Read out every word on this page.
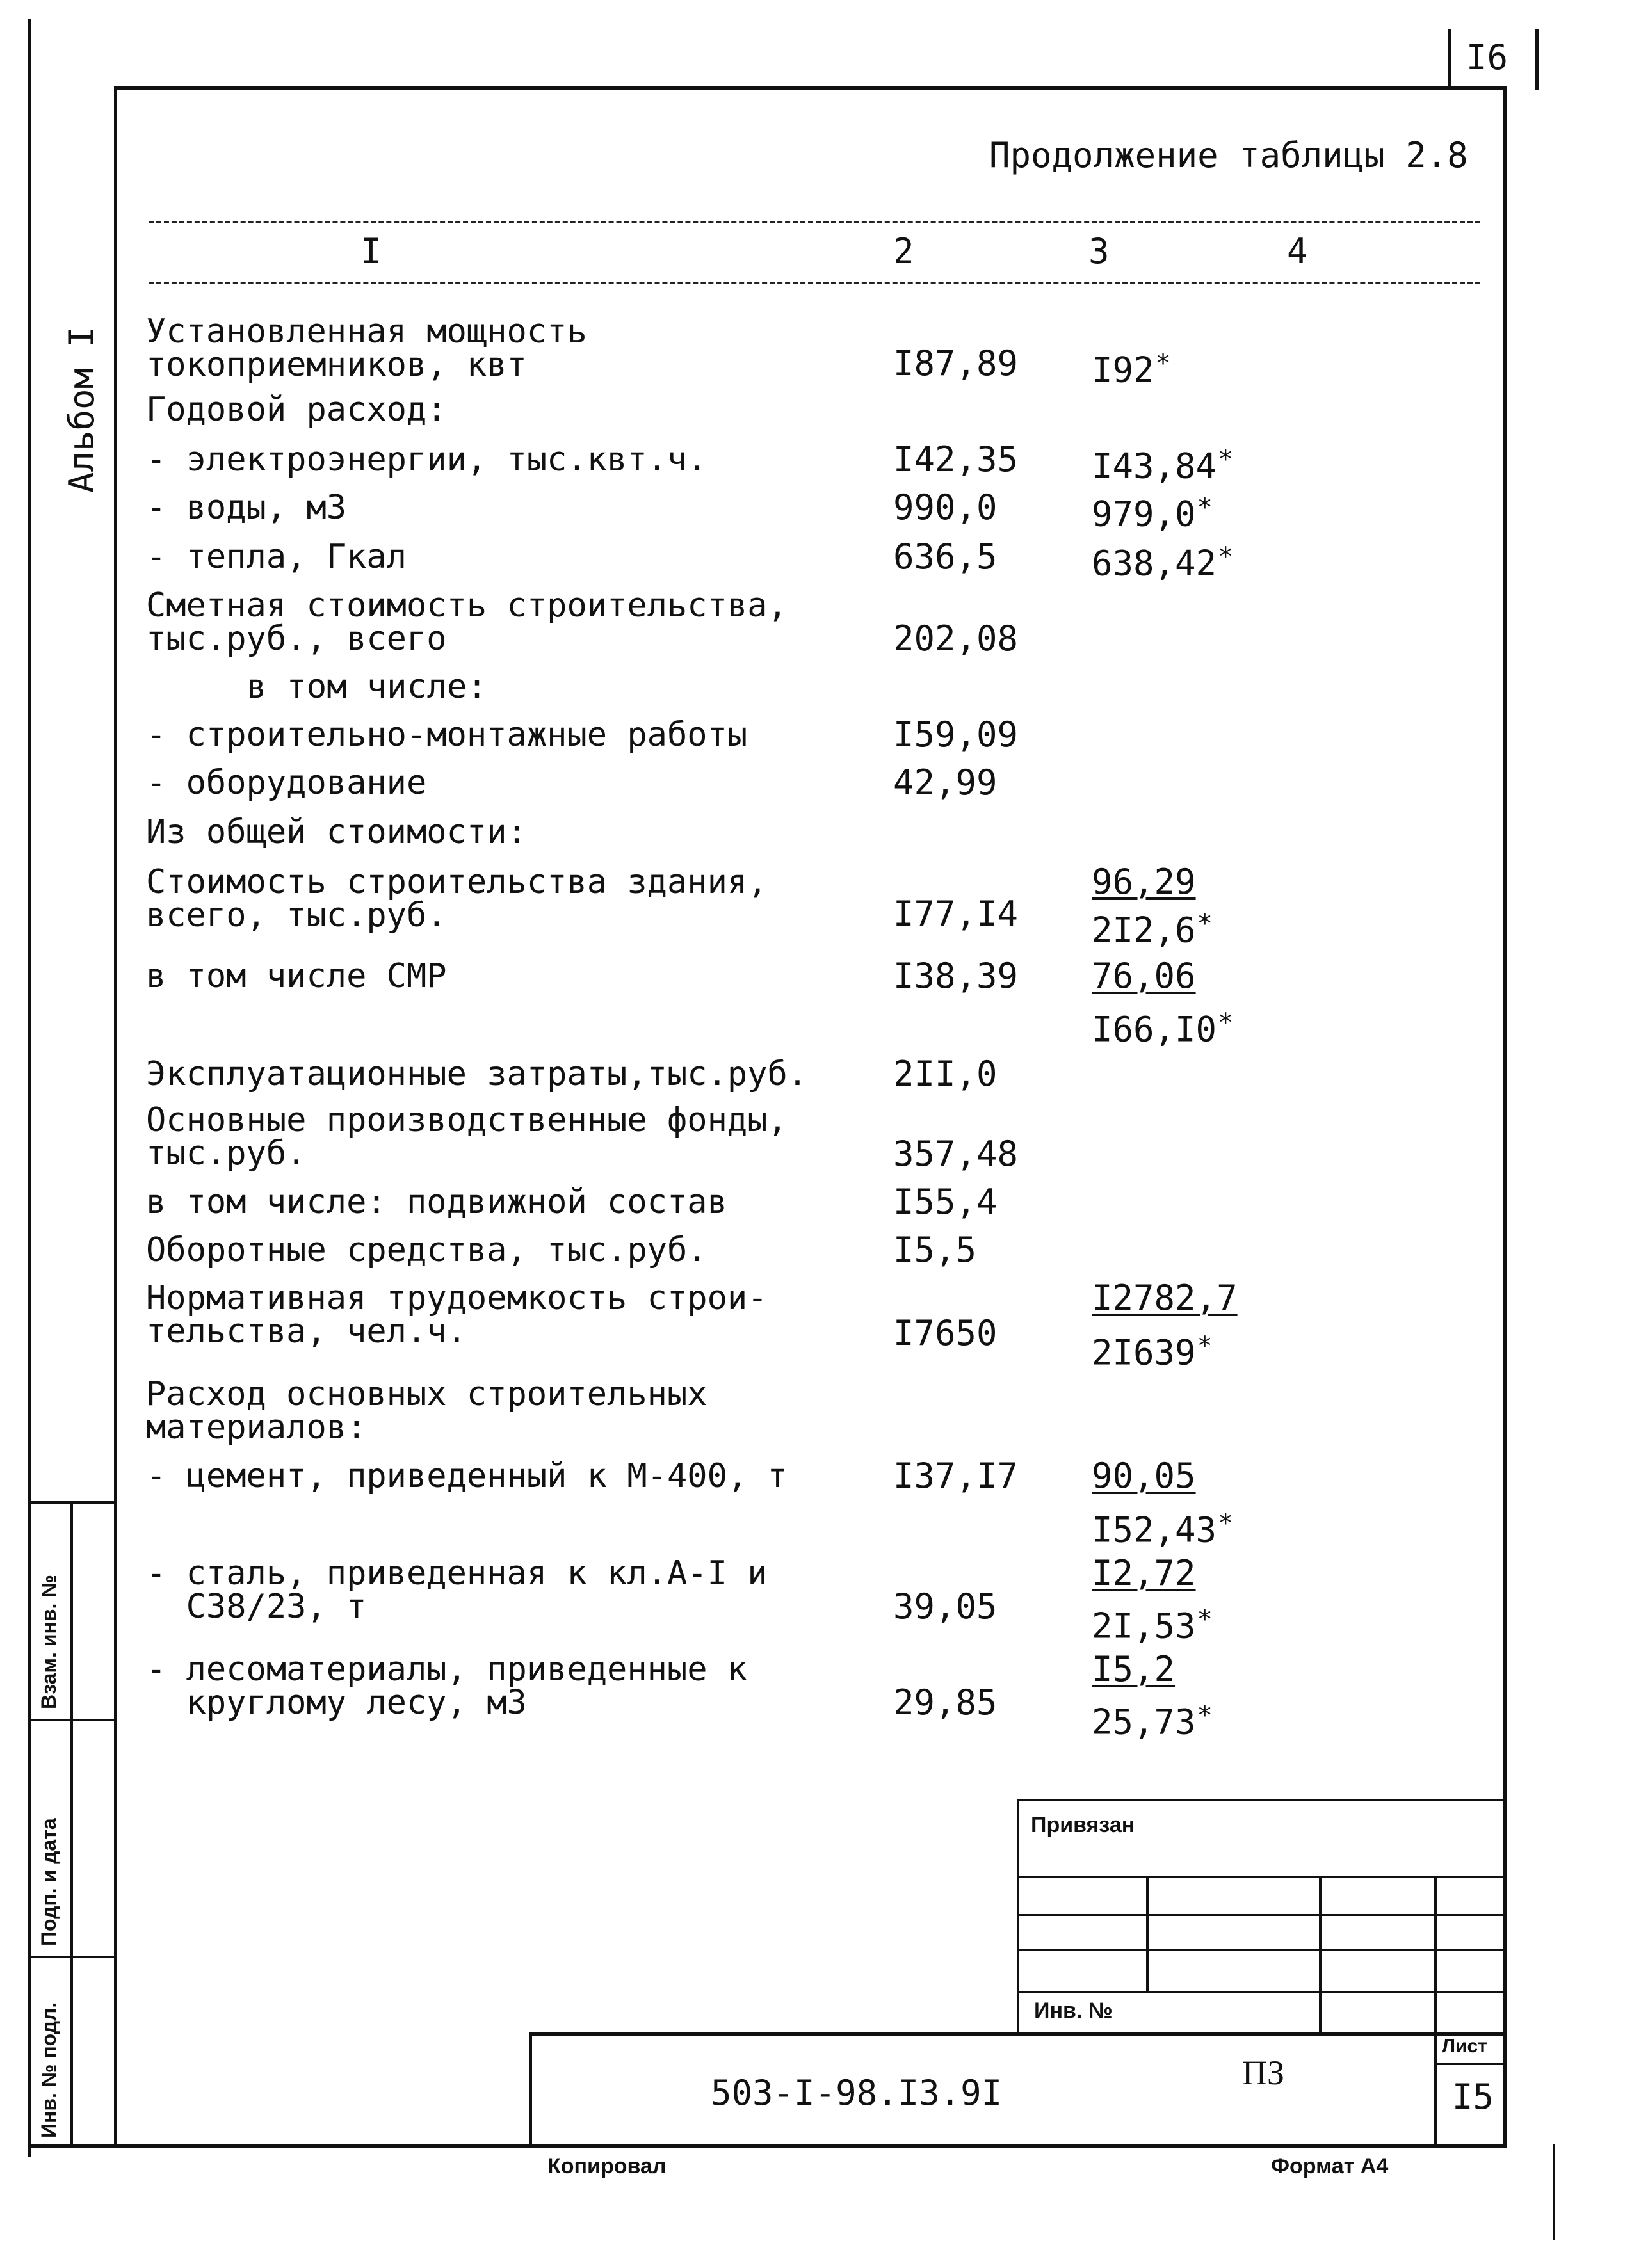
I6
Альбом I
Продолжение таблицы 2.8
I	2	3	4
Установленная мощность
токоприемников, квт	I87,89 I92*
Годовой расход:
- электроэнергии, тыс.квт.ч.	I42,35 I43,84*
- воды, м3	990,0	979,0*
- тепла, Гкал	636,5	638,42*
Сметная стоимость строительства,
тыс.руб., всего	202,08
в том числе:
- строительно-монтажные работы	I59,09
- оборудование	42,99
Из общей стоимости:
Стоимость строительства здания,
всего, тыс.руб.	I77,I4
96,29
2I2,6*
в том числе СМР	I38,39 76,06
I66,I0*
Эксплуатационные затраты,тыс.руб. 2II,0
Основные производственные фонды,
тыс.руб.	357,48
в том числе: подвижной состав	I55,4
Оборотные средства, тыс.руб.	I5,5
Нормативная трудоемкость строи-
тельства, чел.ч.	I7650
I2782,7
2I639*
Расход основных строительных
материалов:
- цемент, приведенный к М-400, т	I37,I7 90,05
I52,43*
- сталь, приведенная к кл.А-I и
С38/23, т	39,05
I2,72
2I,53*
- лесоматериалы, приведенные к
круглому лесу, м3	29,85
I5,2
25,73*
Взам. инв. №
Подп. и дата
Инв. № подл.
Привязан
Инв. №
503-I-98.I3.9I	ПЗ
Лист
I5
Копировал	Формат А4
